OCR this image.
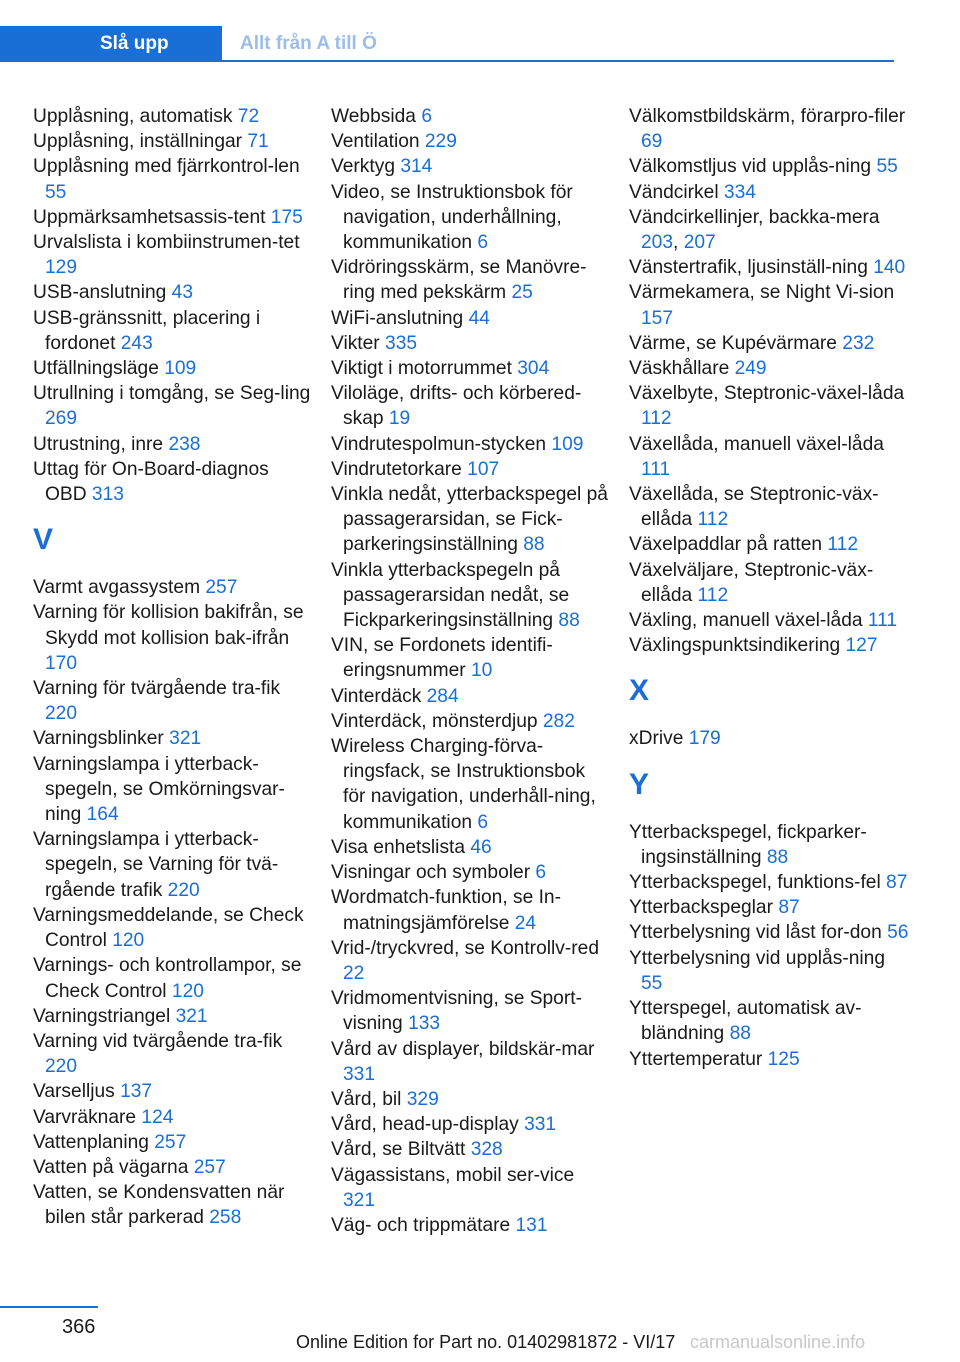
Slå upp	Allt från A till Ö

Upplåsning, automatisk 72

Upplåsning, inställningar 71

Upplåsning med fjärrkontrol-len 55

Uppmärksamhetsassis-tent 175

Urvalslista i kombiinstrumen-tet 129

USB-anslutning 43

USB-gränssnitt, placering i fordonet 243

Utfällningsläge 109

Utrullning i tomgång, se Seg-ling 269

Utrustning, inre 238

Uttag för On-Board-diagnos OBD 313

V

Varmt avgassystem 257

Varning för kollision bakifrån, se Skydd mot kollision bak-ifrån 170

Varning för tvärgående tra-fik 220

Varningsblinker 321

Varningslampa i ytterback-spegeln, se Omkörningsvar-ning 164

Varningslampa i ytterback-spegeln, se Varning för tvä-rgående trafik 220

Varningsmeddelande, se Check Control 120

Varnings- och kontrollampor, se Check Control 120

Varningstriangel 321

Varning vid tvärgående tra-fik 220

Varselljus 137

Varvräknare 124

Vattenplaning 257

Vatten på vägarna 257

Vatten, se Kondensvatten när bilen står parkerad 258

Webbsida 6

Ventilation 229

Verktyg 314

Video, se Instruktionsbok för navigation, underhållning, kommunikation 6

Vidröringsskärm, se Manövre-ring med pekskärm 25

WiFi-anslutning 44

Vikter 335

Viktigt i motorrummet 304

Viloläge, drifts- och körbered-skap 19

Vindrutespolmun-stycken 109

Vindrutetorkare 107

Vinkla nedåt, ytterbackspegel på passagerarsidan, se Fick-parkeringsinställning 88

Vinkla ytterbackspegeln på passagerarsidan nedåt, se Fickparkeringsinställning 88

VIN, se Fordonets identifi-eringsnummer 10

Vinterdäck 284

Vinterdäck, mönsterdjup 282

Wireless Charging-förva-ringsfack, se Instruktionsbok för navigation, underhåll-ning, kommunikation 6

Visa enhetslista 46

Visningar och symboler 6

Wordmatch-funktion, se In-matningsjämförelse 24

Vrid-/tryckvred, se Kontrollv-red 22

Vridmomentvisning, se Sport-visning 133

Vård av displayer, bildskär-mar 331

Vård, bil 329

Vård, head-up-display 331

Vård, se Biltvätt 328

Vägassistans, mobil ser-vice 321

Väg- och trippmätare 131

Välkomstbildskärm, förarpro-filer 69

Välkomstljus vid upplås-ning 55

Vändcirkel 334

Vändcirkellinjer, backka-mera 203, 207

Vänstertrafik, ljusinställ-ning 140

Värmekamera, se Night Vi-sion 157

Värme, se Kupévärmare 232

Väskhållare 249

Växelbyte, Steptronic-växel-låda 112

Växellåda, manuell växel-låda 111

Växellåda, se Steptronic-väx-ellåda 112

Växelpaddlar på ratten 112

Växelväljare, Steptronic-väx-ellåda 112

Växling, manuell växel-låda 111

Växlingspunktsindikering 127

X

xDrive 179

Y

Ytterbackspegel, fickparker-ingsinställning 88

Ytterbackspegel, funktions-fel 87

Ytterbackspeglar 87

Ytterbelysning vid låst for-don 56

Ytterbelysning vid upplås-ning 55

Ytterspegel, automatisk av-bländning 88

Yttertemperatur 125

366
Online Edition for Part no. 01402981872 - VI/17 carmanualsonline.info
